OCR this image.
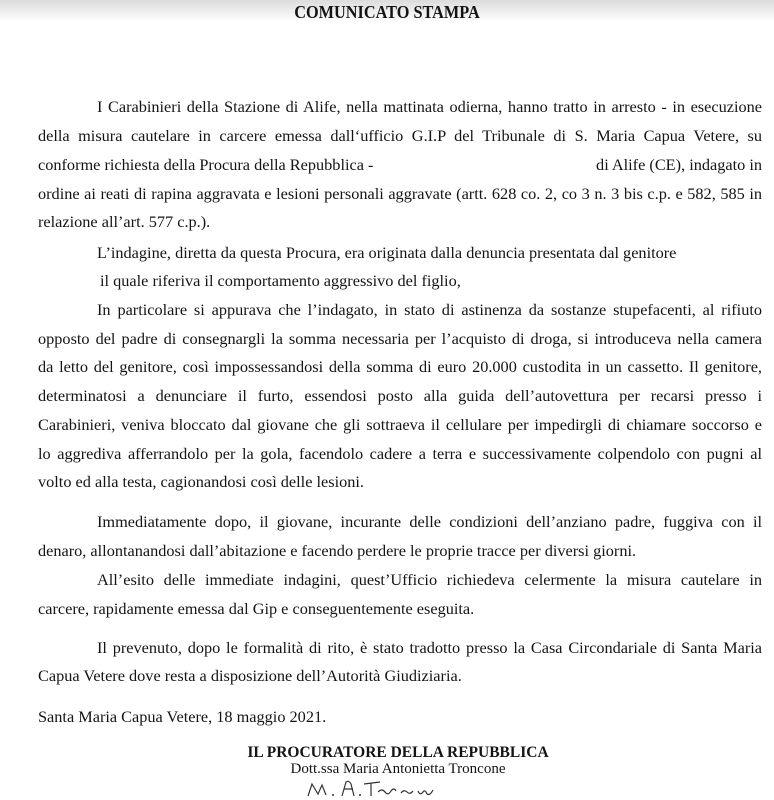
COMUNICATO STAMPA
I Carabinieri della Stazione di Alife, nella mattinata odierna, hanno tratto in arresto - in esecuzione
della misura cautelare in carcere emessa dall‘ufficio G.I.P del Tribunale di S. Maria Capua Vetere, su
conforme richiesta della Procura della Repubblica -	di Alife (CE), indagato in
ordine ai reati di rapina aggravata e lesioni personali aggravate (artt. 628 co. 2, co 3 n. 3 bis c.p. e 582, 585 in
relazione all’art. 577 c.p.).
L’indagine, diretta da questa Procura, era originata dalla denuncia presentata dal genitore
il quale riferiva il comportamento aggressivo del figlio,
In particolare si appurava che l’indagato, in stato di astinenza da sostanze stupefacenti, al rifiuto
opposto del padre di consegnargli la somma necessaria per l’acquisto di droga, si introduceva nella camera
da letto del genitore, così impossessandosi della somma di euro 20.000 custodita in un cassetto. Il genitore,
determinatosi a denunciare il furto, essendosi posto alla guida dell’autovettura per recarsi presso i
Carabinieri, veniva bloccato dal giovane che gli sottraeva il cellulare per impedirgli di chiamare soccorso e
lo aggrediva afferrandolo per la gola, facendolo cadere a terra e successivamente colpendolo con pugni al
volto ed alla testa, cagionandosi così delle lesioni.
Immediatamente dopo, il giovane, incurante delle condizioni dell’anziano padre, fuggiva con il
denaro, allontanandosi dall’abitazione e facendo perdere le proprie tracce per diversi giorni.
All’esito delle immediate indagini, quest’Ufficio richiedeva celermente la misura cautelare in
carcere, rapidamente emessa dal Gip e conseguentemente eseguita.
Il prevenuto, dopo le formalità di rito, è stato tradotto presso la Casa Circondariale di Santa Maria
Capua Vetere dove resta a disposizione dell’Autorità Giudiziaria.
Santa Maria Capua Vetere, 18 maggio 2021.
IL PROCURATORE DELLA REPUBBLICA
Dott.ssa Maria Antonietta Troncone
